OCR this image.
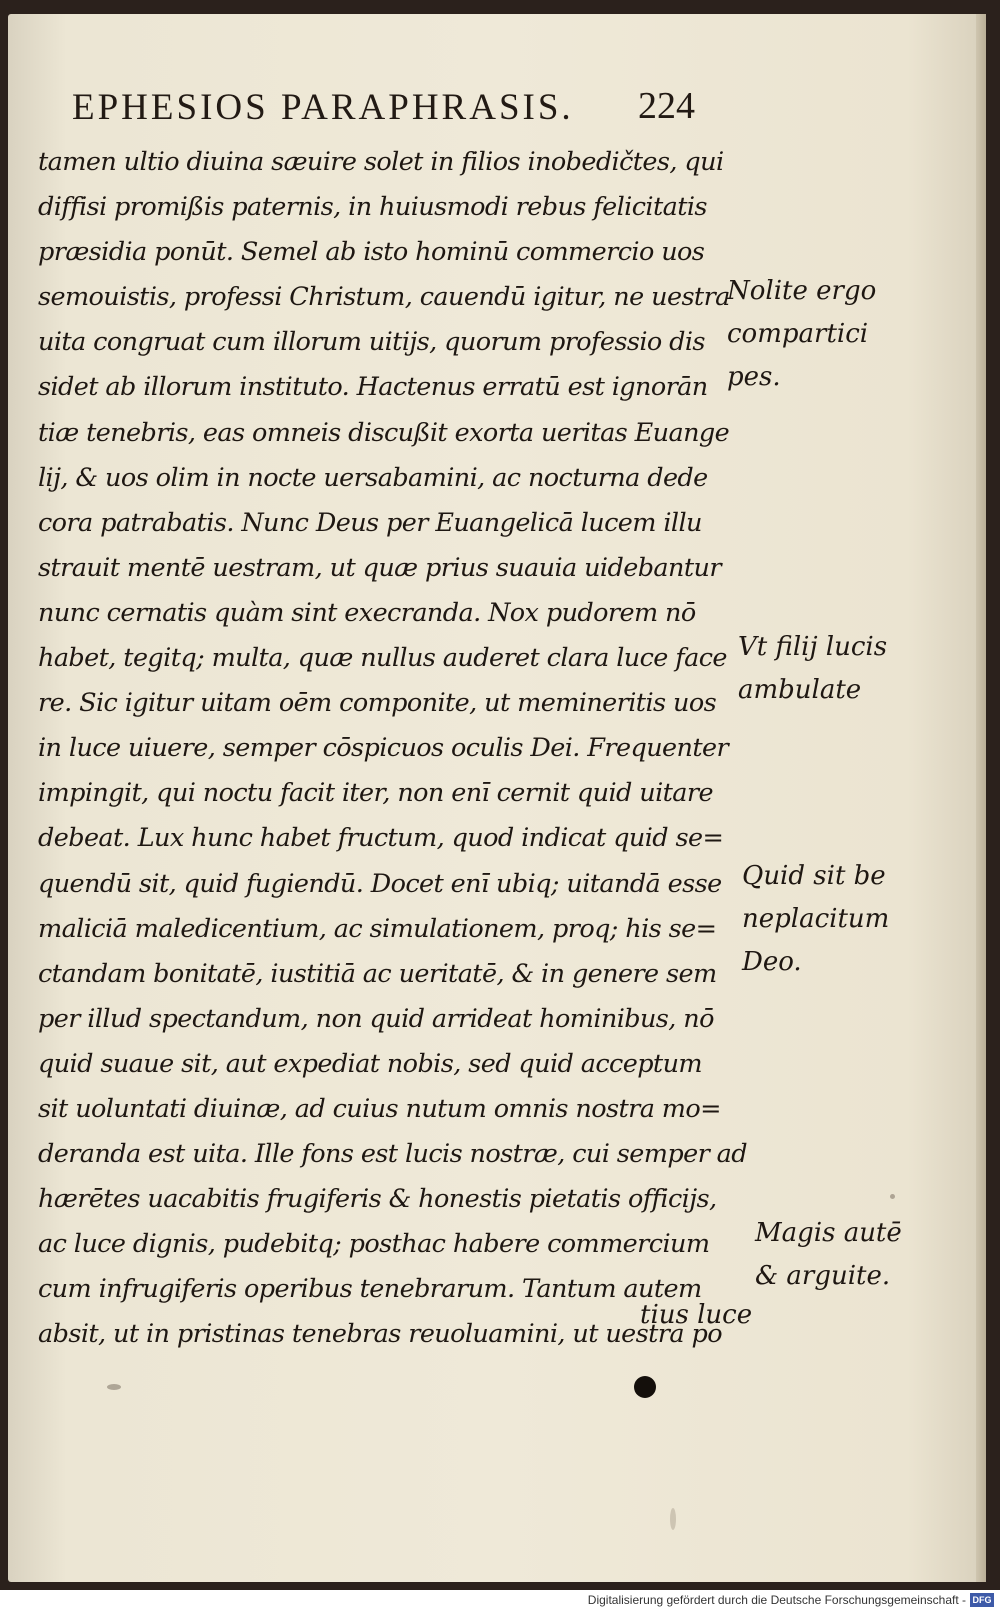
EPHESIOS PARAPHRASIS. 224
tamen ultio diuina sæuire solet in filios inobedičtes, qui
diffisi promißis paternis, in huiusmodi rebus felicitatis
præsidia ponūt. Semel ab isto hominū commercio uos
semouistis, professi Christum, cauendū igitur, ne uestra
uita congruat cum illorum uitijs, quorum professio dis
sidet ab illorum instituto. Hactenus erratū est ignorān
tiæ tenebris, eas omneis discußit exorta ueritas Euange
lij, & uos olim in nocte uersabamini, ac nocturna dede
cora patrabatis. Nunc Deus per Euangelicā lucem illu
strauit mentē uestram, ut quæ prius suauia uidebantur
nunc cernatis quàm sint execranda. Nox pudorem nō
habet, tegitq; multa, quæ nullus auderet clara luce face
re. Sic igitur uitam oēm componite, ut memineritis uos
in luce uiuere, semper cōspicuos oculis Dei. Frequenter
impingit, qui noctu facit iter, non enī cernit quid uitare
debeat. Lux hunc habet fructum, quod indicat quid se=
quendū sit, quid fugiendū. Docet enī ubiq; uitandā esse
maliciā maledicentium, ac simulationem, proq; his se=
ctandam bonitatē, iustitiā ac ueritatē, & in genere sem
per illud spectandum, non quid arrideat hominibus, nō
quid suaue sit, aut expediat nobis, sed quid acceptum
sit uoluntati diuinæ, ad cuius nutum omnis nostra mo=
deranda est uita. Ille fons est lucis nostræ, cui semper ad
hærētes uacabitis frugiferis & honestis pietatis officijs,
ac luce dignis, pudebitq; posthac habere commercium
cum infrugiferis operibus tenebrarum. Tantum autem
absit, ut in pristinas tenebras reuoluamini, ut uestra po
tius luce
Nolite ergo
compartici
pes.
Vt filij lucis
ambulate
Quid sit be
neplacitum
Deo.
Magis autē
& arguite.
Digitalisierung gefördert durch die Deutsche Forschungsgemeinschaft - DFG
